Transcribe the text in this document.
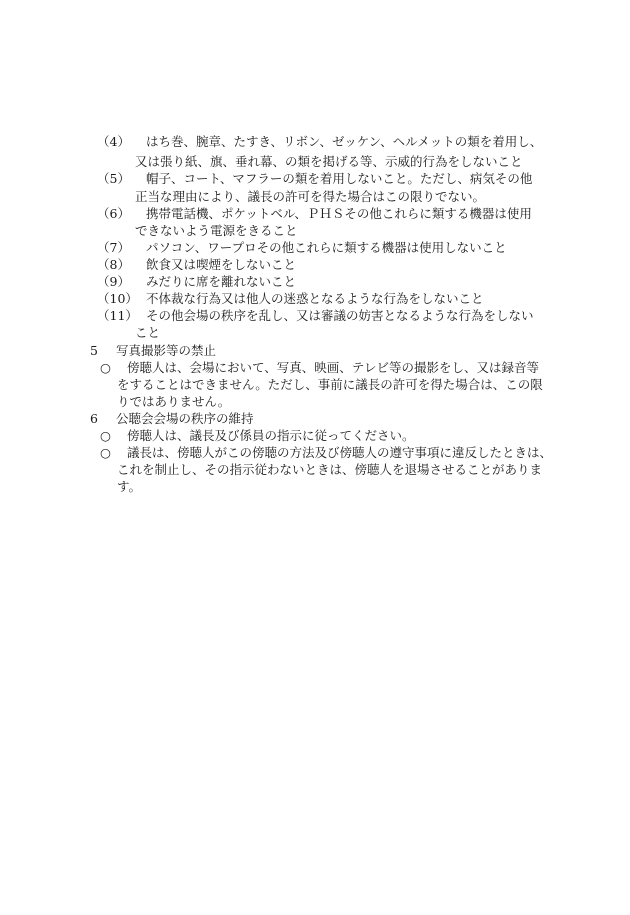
（4） はち巻、腕章、たすき、リボン、ゼッケン、ヘルメットの類を着用し、
又は張り紙、旗、垂れ幕、の類を掲げる等、示威的行為をしないこと
（5） 帽子、コート、マフラーの類を着用しないこと。ただし、病気その他
正当な理由により、議長の許可を得た場合はこの限りでない。
（6） 携帯電話機、ポケットベル、ＰＨＳその他これらに類する機器は使用
できないよう電源をきること
（7） パソコン、ワープロその他これらに類する機器は使用しないこと
（8） 飲食又は喫煙をしないこと
（9） みだりに席を離れないこと
（10） 不体裁な行為又は他人の迷惑となるような行為をしないこと
（11） その他会場の秩序を乱し、又は審議の妨害となるような行為をしない
こと
5 写真撮影等の禁止
○ 傍聴人は、会場において、写真、映画、テレビ等の撮影をし、又は録音等
をすることはできません。ただし、事前に議長の許可を得た場合は、この限
りではありません。
6 公聴会会場の秩序の維持
○ 傍聴人は、議長及び係員の指示に従ってください。
○ 議長は、傍聴人がこの傍聴の方法及び傍聴人の遵守事項に違反したときは、
これを制止し、その指示従わないときは、傍聴人を退場させることがありま
す。
